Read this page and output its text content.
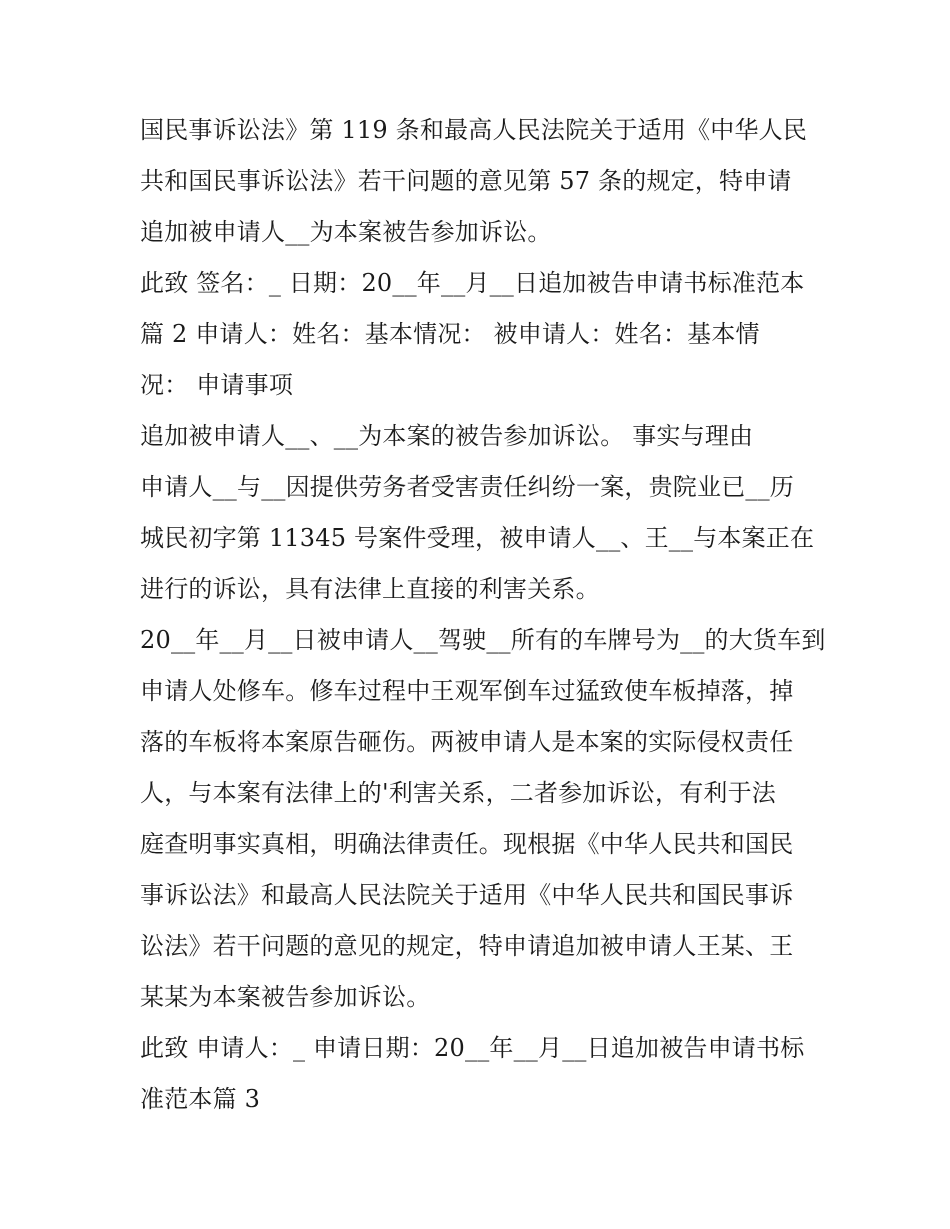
国民事诉讼法》第 119 条和最高人民法院关于适用《中华人民
共和国民事诉讼法》若干问题的意见第 57 条的规定，特申请
追加被申请人__为本案被告参加诉讼。
此致 签名：_ 日期：20__年__月__日追加被告申请书标准范本
篇 2 申请人：姓名：基本情况： 被申请人：姓名：基本情
况： 申请事项
追加被申请人__、__为本案的被告参加诉讼。 事实与理由
申请人__与__因提供劳务者受害责任纠纷一案，贵院业已__历
城民初字第 11345 号案件受理，被申请人__、王__与本案正在
进行的诉讼，具有法律上直接的利害关系。
20__年__月__日被申请人__驾驶__所有的车牌号为__的大货车到
申请人处修车。修车过程中王观军倒车过猛致使车板掉落，掉
落的车板将本案原告砸伤。两被申请人是本案的实际侵权责任
人，与本案有法律上的'利害关系，二者参加诉讼，有利于法
庭查明事实真相，明确法律责任。现根据《中华人民共和国民
事诉讼法》和最高人民法院关于适用《中华人民共和国民事诉
讼法》若干问题的意见的规定，特申请追加被申请人王某、王
某某为本案被告参加诉讼。
此致 申请人：_ 申请日期：20__年__月__日追加被告申请书标
准范本篇 3
